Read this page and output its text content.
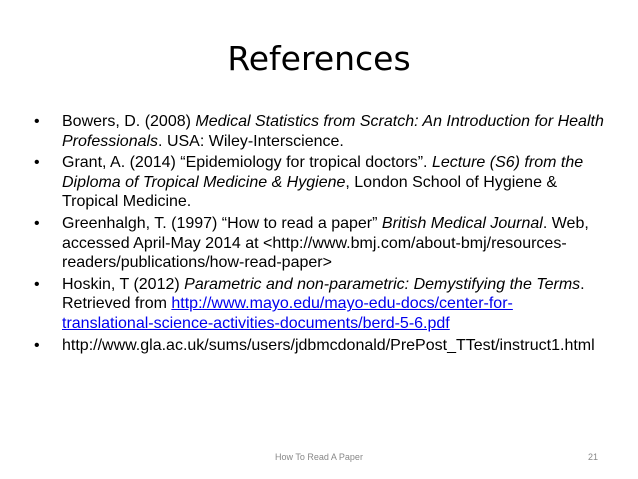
References
•	Bowers, D. (2008) Medical Statistics from Scratch: An Introduction for Health Professionals. USA: Wiley-Interscience.
•	Grant, A. (2014) “Epidemiology for tropical doctors”. Lecture (S6) from the Diploma of Tropical Medicine & Hygiene, London School of Hygiene & Tropical Medicine.
•	Greenhalgh, T. (1997) “How to read a paper” British Medical Journal. Web, accessed April-May 2014 at <http://www.bmj.com/about-bmj/resources-readers/publications/how-read-paper>
•	Hoskin, T (2012) Parametric and non-parametric: Demystifying the Terms. Retrieved from http://www.mayo.edu/mayo-edu-docs/center-for-translational-science-activities-documents/berd-5-6.pdf
•	http://www.gla.ac.uk/sums/users/jdbmcdonald/PrePost_TTest/instruct1.html
How To Read A Paper	21
